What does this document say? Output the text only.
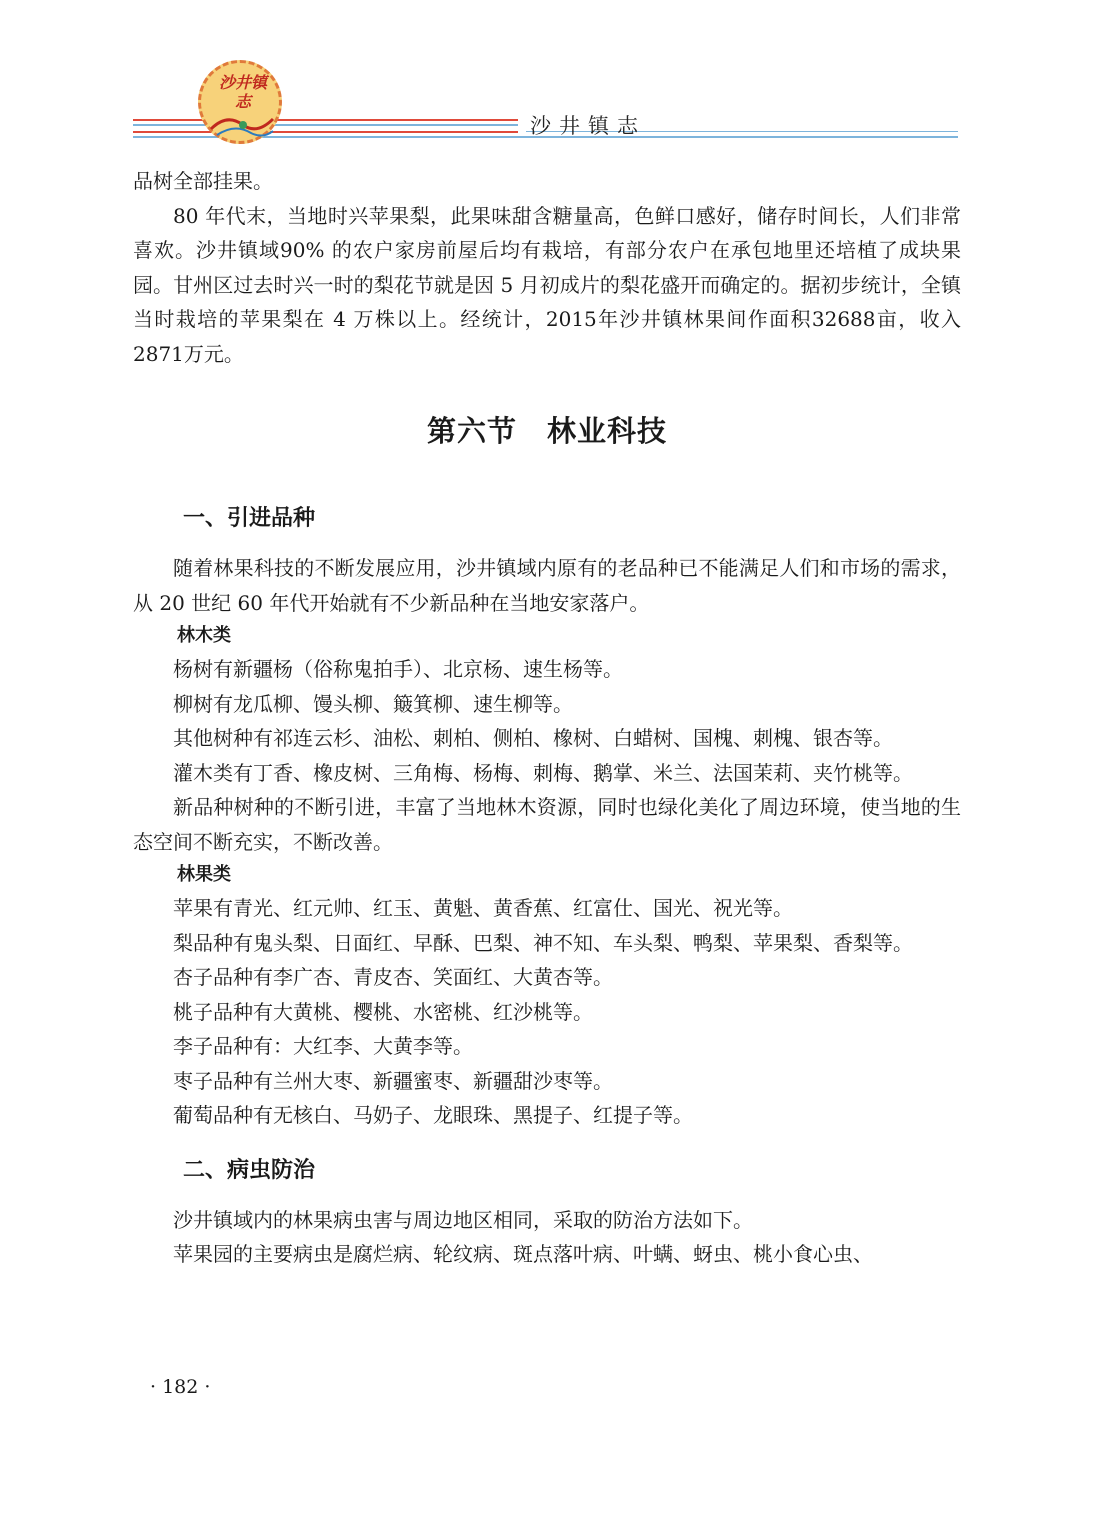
沙井镇志
沙井镇志

品树全部挂果。

80 年代末，当地时兴苹果梨，此果味甜含糖量高，色鲜口感好，储存时间长，人们非常喜欢。沙井镇域90% 的农户家房前屋后均有栽培，有部分农户在承包地里还培植了成块果园。甘州区过去时兴一时的梨花节就是因 5 月初成片的梨花盛开而确定的。据初步统计，全镇当时栽培的苹果梨在 4 万株以上。经统计，2015年沙井镇林果间作面积32688亩，收入2871万元。

第六节　林业科技
一、引进品种

随着林果科技的不断发展应用，沙井镇域内原有的老品种已不能满足人们和市场的需求，从 20 世纪 60 年代开始就有不少新品种在当地安家落户。

林木类

杨树有新疆杨（俗称鬼拍手）、北京杨、速生杨等。

柳树有龙瓜柳、馒头柳、簸箕柳、速生柳等。

其他树种有祁连云杉、油松、刺柏、侧柏、橡树、白蜡树、国槐、刺槐、银杏等。

灌木类有丁香、橡皮树、三角梅、杨梅、刺梅、鹅掌、米兰、法国茉莉、夹竹桃等。

新品种树种的不断引进，丰富了当地林木资源，同时也绿化美化了周边环境，使当地的生态空间不断充实，不断改善。

林果类

苹果有青光、红元帅、红玉、黄魁、黄香蕉、红富仕、国光、祝光等。

梨品种有鬼头梨、日面红、早酥、巴梨、神不知、车头梨、鸭梨、苹果梨、香梨等。

杏子品种有李广杏、青皮杏、笑面红、大黄杏等。

桃子品种有大黄桃、樱桃、水密桃、红沙桃等。

李子品种有：大红李、大黄李等。

枣子品种有兰州大枣、新疆蜜枣、新疆甜沙枣等。

葡萄品种有无核白、马奶子、龙眼珠、黑提子、红提子等。

二、病虫防治

沙井镇域内的林果病虫害与周边地区相同，采取的防治方法如下。

苹果园的主要病虫是腐烂病、轮纹病、斑点落叶病、叶螨、蚜虫、桃小食心虫、

· 182 ·
